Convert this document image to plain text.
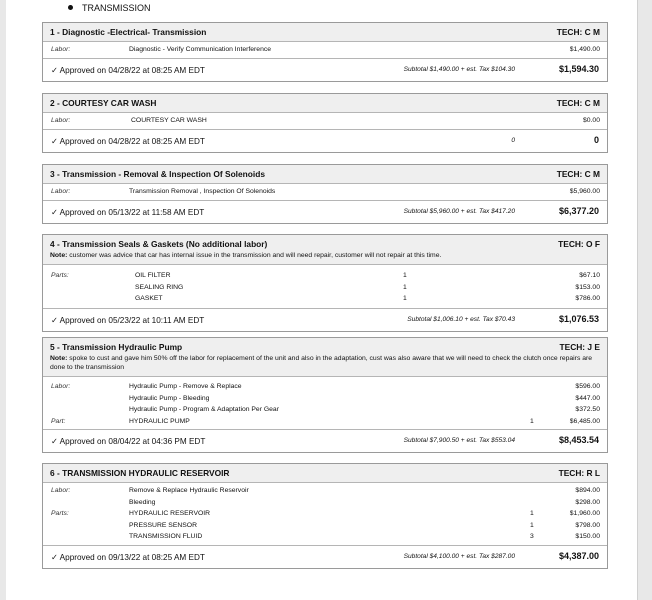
TRANSMISSION
1 - Diagnostic -Electrical- Transmission	TECH: C M
Labor:	Diagnostic - Verify Communication Interference	$1,490.00
✓ Approved on 04/28/22 at 08:25 AM EDT	Subtotal $1,490.00 + est. Tax $104.30	$1,594.30
2 - COURTESY CAR WASH	TECH: C M
Labor:	COURTESY CAR WASH	$0.00
✓ Approved on 04/28/22 at 08:25 AM EDT	0	0
3 - Transmission - Removal & Inspection Of Solenoids	TECH: C M
Labor:	Transmission Removal , Inspection Of Solenoids	$5,960.00
✓ Approved on 05/13/22 at 11:58 AM EDT	Subtotal $5,960.00 + est. Tax $417.20	$6,377.20
4 - Transmission Seals & Gaskets (No additional labor)	TECH: O F
Note: customer was advice that car has internal issue in the transmission and will need repair, customer will not repair at this time.
Parts:	OIL FILTER	1	$67.10
SEALING RING	1	$153.00
GASKET	1	$786.00
✓ Approved on 05/23/22 at 10:11 AM EDT	Subtotal $1,006.10 + est. Tax $70.43	$1,076.53
5 - Transmission Hydraulic Pump	TECH: J E
Note: spoke to cust and gave him 50% off the labor for replacement of the unit and also in the adaptation, cust was also aware that we will need to check the clutch once repairs are done to the transmission
Labor:	Hydraulic Pump - Remove & Replace	$596.00
Hydraulic Pump - Bleeding	$447.00
Hydraulic Pump - Program & Adaptation Per Gear	$372.50
Part:	HYDRAULIC PUMP	1	$6,485.00
✓ Approved on 08/04/22 at 04:36 PM EDT	Subtotal $7,900.50 + est. Tax $553.04	$8,453.54
6 - TRANSMISSION HYDRAULIC RESERVOIR	TECH: R L
Labor:	Remove & Replace Hydraulic Reservoir	$894.00
Bleeding	$298.00
Parts:	HYDRAULIC RESERVOIR	1	$1,960.00
PRESSURE SENSOR	1	$798.00
TRANSMISSION FLUID	3	$150.00
✓ Approved on 09/13/22 at 08:25 AM EDT	Subtotal $4,100.00 + est. Tax $287.00	$4,387.00
